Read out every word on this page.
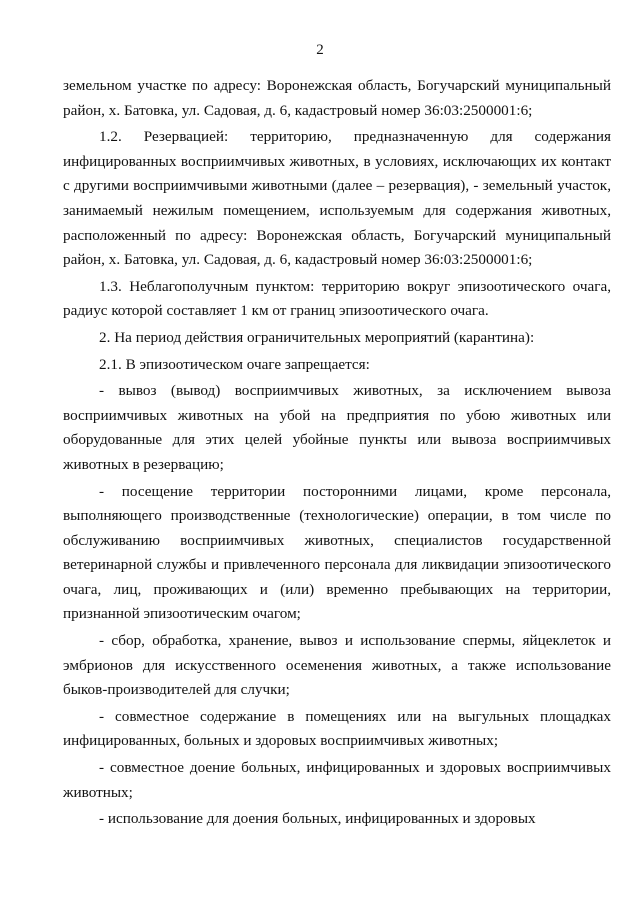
2

земельном участке по адресу: Воронежская область, Богучарский муниципальный район, х. Батовка, ул. Садовая, д. 6, кадастровый номер 36:03:2500001:6;

1.2. Резервацией: территорию, предназначенную для содержания инфицированных восприимчивых животных, в условиях, исключающих их контакт с другими восприимчивыми животными (далее – резервация), - земельный участок, занимаемый нежилым помещением, используемым для содержания животных, расположенный по адресу: Воронежская область, Богучарский муниципальный район, х. Батовка, ул. Садовая, д. 6, кадастровый номер 36:03:2500001:6;

1.3. Неблагополучным пунктом: территорию вокруг эпизоотического очага, радиус которой составляет 1 км от границ эпизоотического очага.

2. На период действия ограничительных мероприятий (карантина):

2.1. В эпизоотическом очаге запрещается:

- вывоз (вывод) восприимчивых животных, за исключением вывоза восприимчивых животных на убой на предприятия по убою животных или оборудованные для этих целей убойные пункты или вывоза восприимчивых животных в резервацию;

- посещение территории посторонними лицами, кроме персонала, выполняющего производственные (технологические) операции, в том числе по обслуживанию восприимчивых животных, специалистов государственной ветеринарной службы и привлеченного персонала для ликвидации эпизоотического очага, лиц, проживающих и (или) временно пребывающих на территории, признанной эпизоотическим очагом;

- сбор, обработка, хранение, вывоз и использование спермы, яйцеклеток и эмбрионов для искусственного осеменения животных, а также использование быков-производителей для случки;

- совместное содержание в помещениях или на выгульных площадках инфицированных, больных и здоровых восприимчивых животных;

- совместное доение больных, инфицированных и здоровых восприимчивых животных;

- использование для доения больных, инфицированных и здоровых
